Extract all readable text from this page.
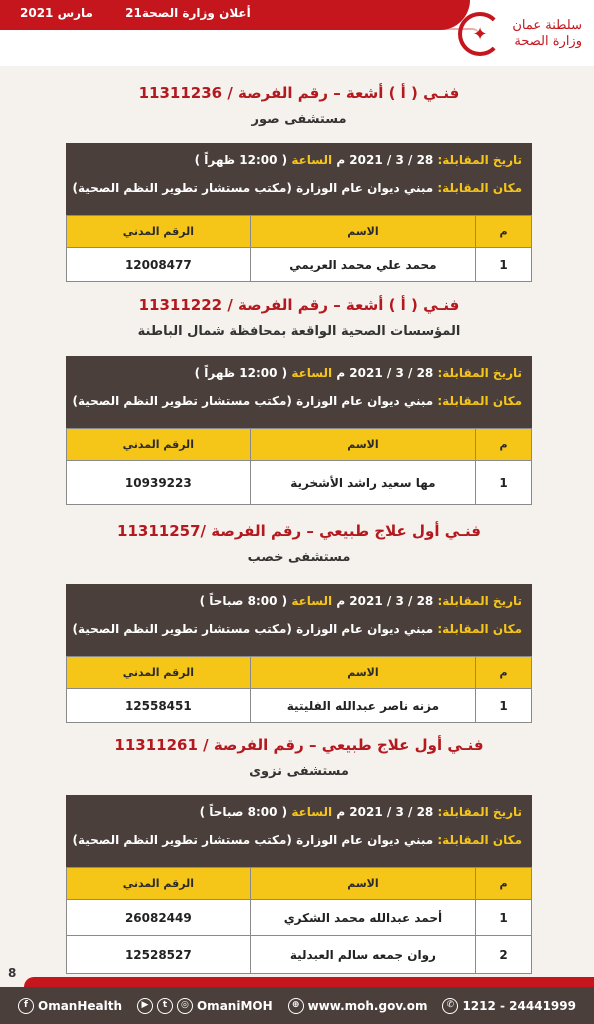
أعلان وزارة الصحة21 مارس 2021
✦	سلطنة عمان
وزارة الصحة
فنـي ( أ ) أشعة – رقم الفرصة / 11311236
مستشفى صور
تاريخ المقابلة: 28 / 3 / 2021 م الساعة ( 12:00 ظهراً )
مكان المقابلة: مبني ديوان عام الوزارة (مكتب مستشار تطوير النظم الصحية)
م	الاسم	الرقم المدني
1	محمد علي محمد العريمي	12008477
فنـي ( أ ) أشعة – رقم الفرصة / 11311222
المؤسسات الصحية الواقعة بمحافظة شمال الباطنة
تاريخ المقابلة: 28 / 3 / 2021 م الساعة ( 12:00 ظهراً )
مكان المقابلة: مبني ديوان عام الوزارة (مكتب مستشار تطوير النظم الصحية)
م	الاسم	الرقم المدني
1	مها سعيد راشد الأشخرية	10939223
فنـي أول علاج طبيعي – رقم الفرصة /11311257
مستشفى خصب
تاريخ المقابلة: 28 / 3 / 2021 م الساعة ( 8:00 صباحاً )
مكان المقابلة: مبني ديوان عام الوزارة (مكتب مستشار تطوير النظم الصحية)
م	الاسم	الرقم المدني
1	مزنه ناصر عبدالله الفليتية	12558451
فنـي أول علاج طبيعي – رقم الفرصة / 11311261
مستشفى نزوى
تاريخ المقابلة: 28 / 3 / 2021 م الساعة ( 8:00 صباحاً )
مكان المقابلة: مبني ديوان عام الوزارة (مكتب مستشار تطوير النظم الصحية)
م	الاسم	الرقم المدني
1	أحمد عبدالله محمد الشكري	26082449
2	روان جمعه سالم العبدلية	12528527
8
f OmanHealth	▶	t	◎ OmaniMOH	⊕ www.moh.gov.om	✆ 1212 - 24441999
